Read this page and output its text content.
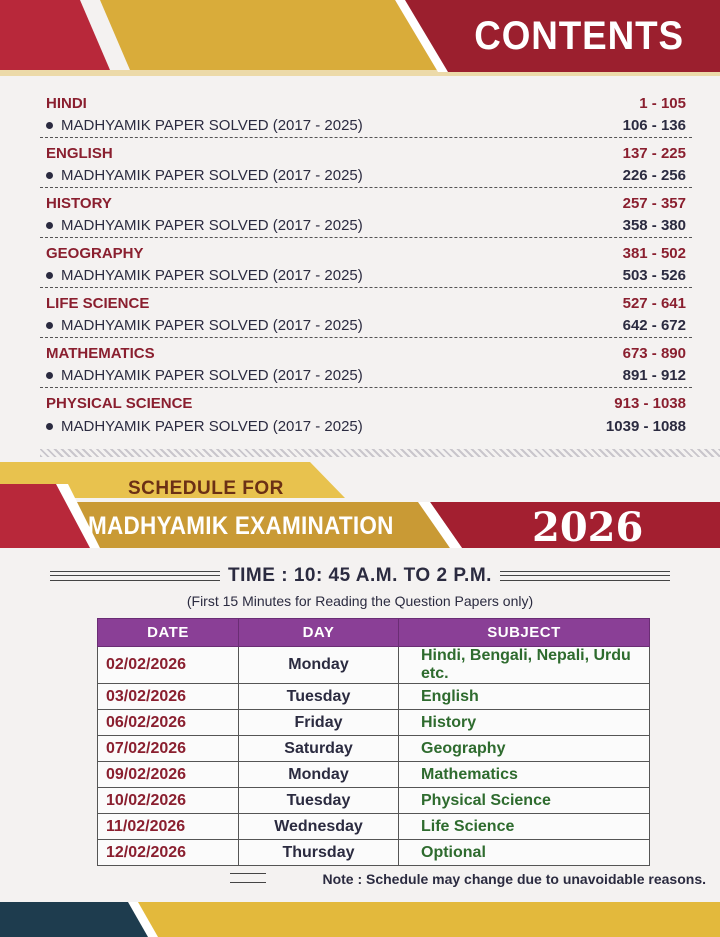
CONTENTS
HINDI	1 - 105
MADHYAMIK PAPER SOLVED (2017 - 2025)	106 - 136
ENGLISH	137 - 225
MADHYAMIK PAPER SOLVED (2017 - 2025)	226 - 256
HISTORY	257 - 357
MADHYAMIK PAPER SOLVED (2017 - 2025)	358 - 380
GEOGRAPHY	381 - 502
MADHYAMIK PAPER SOLVED (2017 - 2025)	503 - 526
LIFE SCIENCE	527 - 641
MADHYAMIK PAPER SOLVED (2017 - 2025)	642 - 672
MATHEMATICS	673 - 890
MADHYAMIK PAPER SOLVED (2017 - 2025)	891 - 912
PHYSICAL SCIENCE	913 - 1038
MADHYAMIK PAPER SOLVED (2017 - 2025)	1039 - 1088
SCHEDULE FOR
MADHYAMIK EXAMINATION	2026
TIME : 10: 45 A.M. TO 2 P.M.
(First 15 Minutes for Reading the Question Papers only)
DATE	DAY	SUBJECT
02/02/2026	Monday	Hindi, Bengali, Nepali, Urdu etc.
03/02/2026	Tuesday	English
06/02/2026	Friday	History
07/02/2026	Saturday	Geography
09/02/2026	Monday	Mathematics
10/02/2026	Tuesday	Physical Science
11/02/2026	Wednesday	Life Science
12/02/2026	Thursday	Optional
Note : Schedule may change due to unavoidable reasons.
